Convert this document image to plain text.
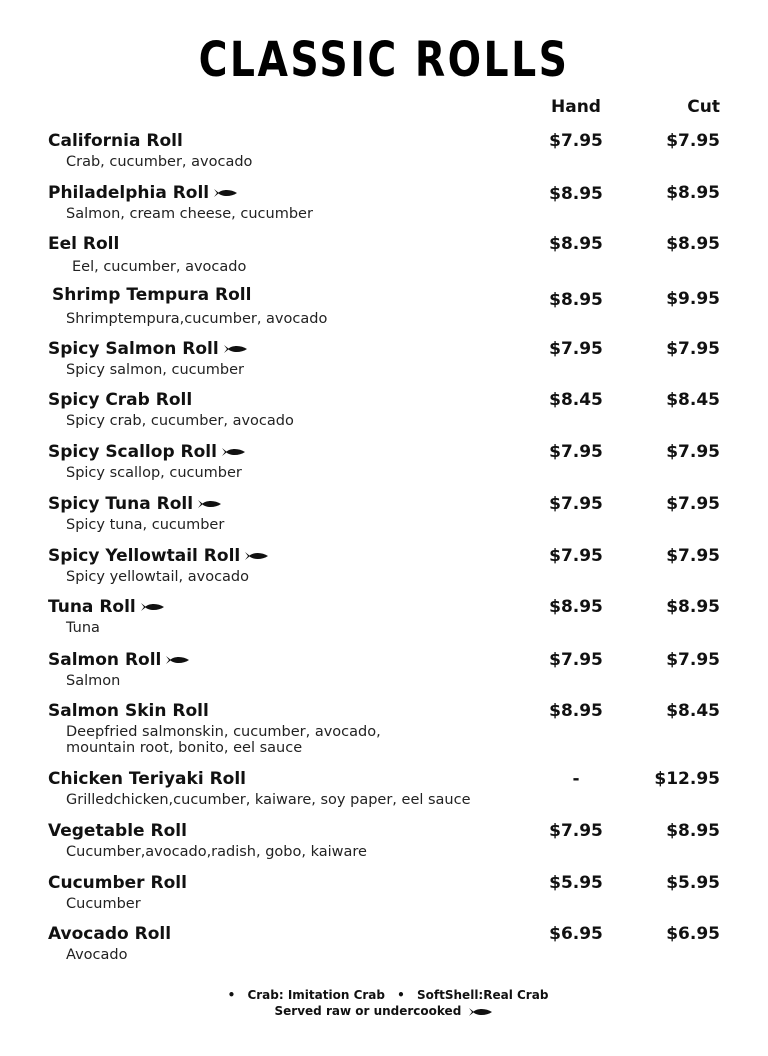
CLASSIC ROLLS
Hand	Cut
California Roll
Crab, cucumber, avocado
$7.95	$7.95
Philadelphia Roll
Salmon, cream cheese, cucumber
$8.95	$8.95
Eel Roll
Eel, cucumber, avocado
$8.95	$8.95
Shrimp Tempura Roll
Shrimptempura,cucumber, avocado
$8.95	$9.95
Spicy Salmon Roll
Spicy salmon, cucumber
$7.95	$7.95
Spicy Crab Roll
Spicy crab, cucumber, avocado
$8.45	$8.45
Spicy Scallop Roll
Spicy scallop, cucumber
$7.95	$7.95
Spicy Tuna Roll
Spicy tuna, cucumber
$7.95	$7.95
Spicy Yellowtail Roll
Spicy yellowtail, avocado
$7.95	$7.95
Tuna Roll
Tuna
$8.95	$8.95
Salmon Roll
Salmon
$7.95	$7.95
Salmon Skin Roll
Deepfried salmonskin, cucumber, avocado,
mountain root, bonito, eel sauce
$8.95	$8.45
Chicken Teriyaki Roll
Grilledchicken,cucumber, kaiware, soy paper, eel sauce
-	$12.95
Vegetable Roll
Cucumber,avocado,radish, gobo, kaiware
$7.95	$8.95
Cucumber Roll
Cucumber
$5.95	$5.95
Avocado Roll
Avocado
$6.95	$6.95
• Crab: Imitation Crab • SoftShell:Real Crab
Served raw or undercooked
